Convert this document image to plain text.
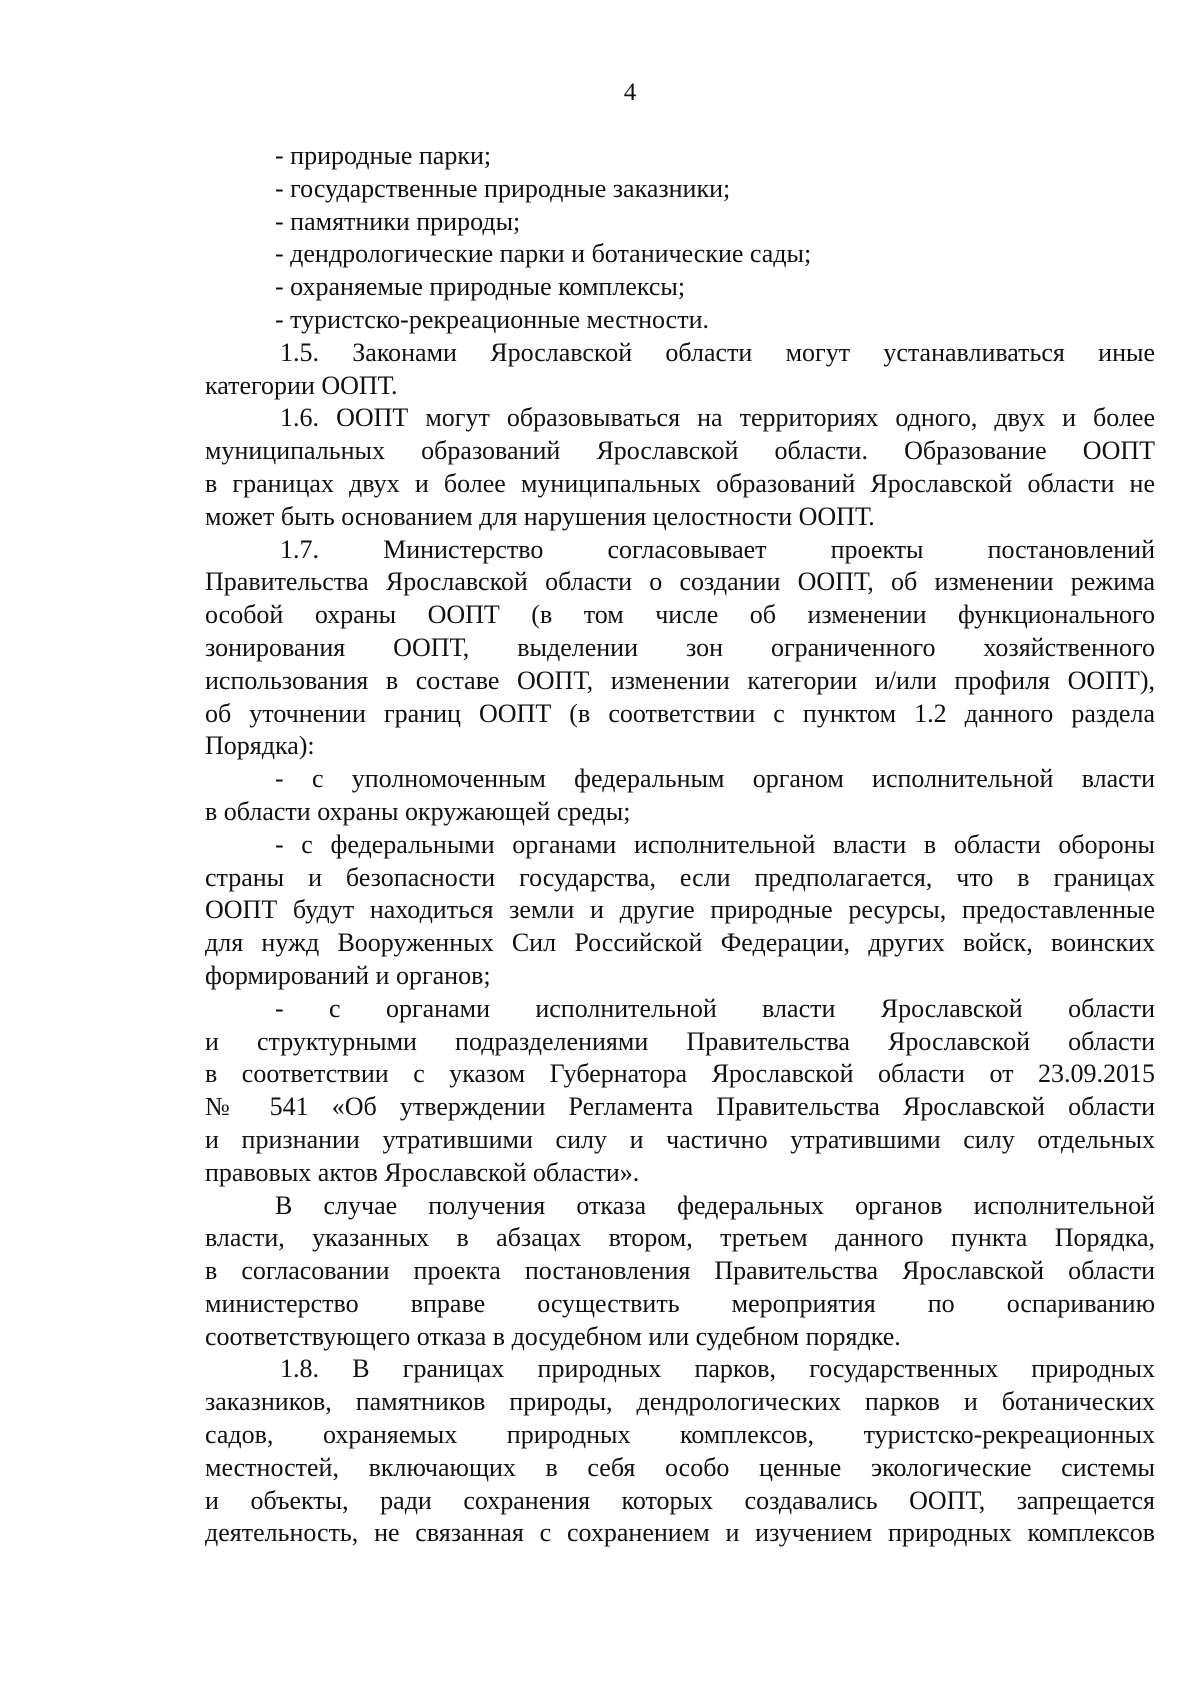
4
- природные парки;
- государственные природные заказники;
- памятники природы;
- дендрологические парки и ботанические сады;
- охраняемые природные комплексы;
- туристско-рекреационные местности.
1.5. Законами Ярославской области могут устанавливаться иные
категории ООПТ.
1.6. ООПТ могут образовываться на территориях одного, двух и более
муниципальных образований Ярославской области. Образование ООПТ
в границах двух и более муниципальных образований Ярославской области не
может быть основанием для нарушения целостности ООПТ.
1.7. Министерство согласовывает проекты постановлений
Правительства Ярославской области о создании ООПТ, об изменении режима
особой охраны ООПТ (в том числе об изменении функционального
зонирования ООПТ, выделении зон ограниченного хозяйственного
использования в составе ООПТ, изменении категории и/или профиля ООПТ),
об уточнении границ ООПТ (в соответствии с пунктом 1.2 данного раздела
Порядка):
- с уполномоченным федеральным органом исполнительной власти
в области охраны окружающей среды;
- с федеральными органами исполнительной власти в области обороны
страны и безопасности государства, если предполагается, что в границах
ООПТ будут находиться земли и другие природные ресурсы, предоставленные
для нужд Вооруженных Сил Российской Федерации, других войск, воинских
формирований и органов;
- с органами исполнительной власти Ярославской области
и структурными подразделениями Правительства Ярославской области
в соответствии с указом Губернатора Ярославской области от 23.09.2015
№ 541 «Об утверждении Регламента Правительства Ярославской области
и признании утратившими силу и частично утратившими силу отдельных
правовых актов Ярославской области».
В случае получения отказа федеральных органов исполнительной
власти, указанных в абзацах втором, третьем данного пункта Порядка,
в согласовании проекта постановления Правительства Ярославской области
министерство вправе осуществить мероприятия по оспариванию
соответствующего отказа в досудебном или судебном порядке.
1.8. В границах природных парков, государственных природных
заказников, памятников природы, дендрологических парков и ботанических
садов, охраняемых природных комплексов, туристско-рекреационных
местностей, включающих в себя особо ценные экологические системы
и объекты, ради сохранения которых создавались ООПТ, запрещается
деятельность, не связанная с сохранением и изучением природных комплексов
